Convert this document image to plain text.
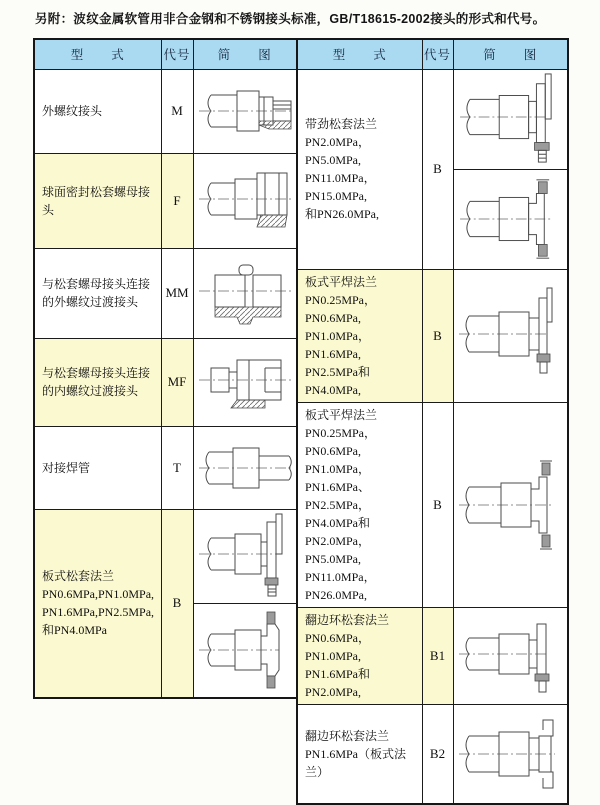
另附：波纹金属软管用非合金钢和不锈钢接头标准，GB/T18615-2002接头的形式和代号。
型　　式	代号	简　　图
外螺纹接头	M	

球面密封松套螺母接头	F	

与松套螺母接头连接的外螺纹过渡接头	MM	

与松套螺母接头连接的内螺纹过渡接头	MF	

对接焊管	T	

板式松套法兰
PN0.6MPa,PN1.0MPa,
PN1.6MPa,PN2.5MPa,
和PN4.0MPa	B	
型　　式	代号	简　　图

带劲松套法兰
PN2.0MPa，PN5.0MPa,
PN11.0MPa，PN15.0MPa,
和PN26.0MPa,	B	

板式平焊法兰
PN0.25MPa，PN0.6MPa,
PN1.0MPa，PN1.6MPa,
PN2.5MPa和PN4.0MPa,	B	

板式平焊法兰
PN0.25MPa，PN0.6MPa,
PN1.0MPa，PN1.6MPa、
PN2.5MPa，PN4.0MPa和
PN2.0MPa，PN5.0MPa,
PN11.0MPa，PN26.0MPa,
	B	

翻边环松套法兰
PN0.6MPa，PN1.0MPa,
PN1.6MPa和PN2.0MPa,	B1	

翻边环松套法兰
PN1.6MPa（板式法兰）	B2	
